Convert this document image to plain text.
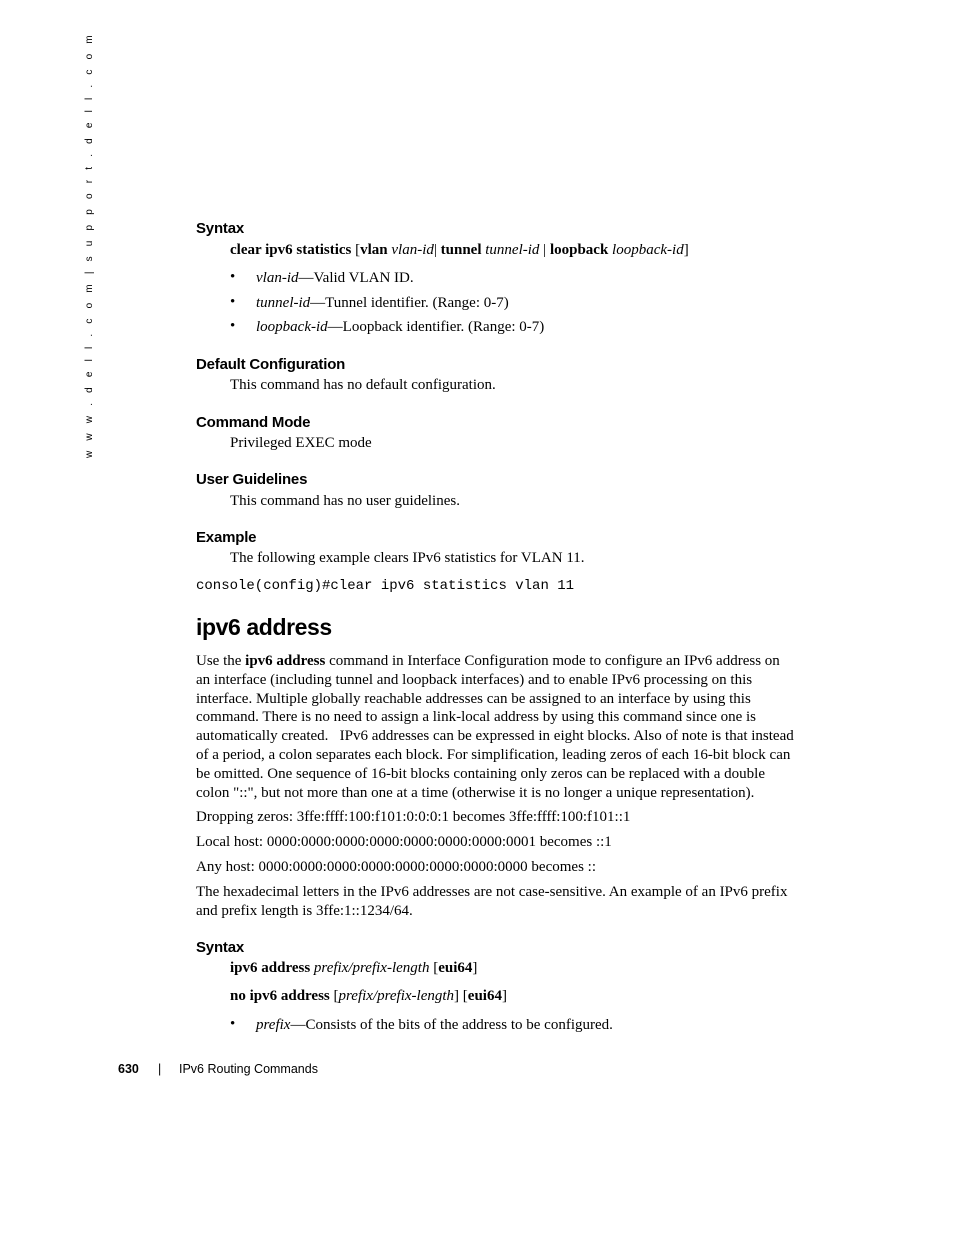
w w w . d e l l . c o m | s u p p o r t . d e l l . c o m	Syntax
clear ipv6 statistics [vlan vlan-id| tunnel tunnel-id | loopback loopback-id]
• vlan-id—Valid VLAN ID.
• tunnel-id—Tunnel identifier. (Range: 0-7)
• loopback-id—Loopback identifier. (Range: 0-7)
Default Configuration
This command has no default configuration.
Command Mode
Privileged EXEC mode
User Guidelines
This command has no user guidelines.
Example
The following example clears IPv6 statistics for VLAN 11.
console(config)#clear ipv6 statistics vlan 11
ipv6 address
Use the ipv6 address command in Interface Configuration mode to configure an IPv6 address on
an interface (including tunnel and loopback interfaces) and to enable IPv6 processing on this
interface. Multiple globally reachable addresses can be assigned to an interface by using this
command. There is no need to assign a link-local address by using this command since one is
automatically created.   IPv6 addresses can be expressed in eight blocks. Also of note is that instead
of a period, a colon separates each block. For simplification, leading zeros of each 16-bit block can
be omitted. One sequence of 16-bit blocks containing only zeros can be replaced with a double
colon "::", but not more than one at a time (otherwise it is no longer a unique representation).
Dropping zeros: 3ffe:ffff:100:f101:0:0:0:1 becomes 3ffe:ffff:100:f101::1
Local host: 0000:0000:0000:0000:0000:0000:0000:0001 becomes ::1
Any host: 0000:0000:0000:0000:0000:0000:0000:0000 becomes ::
The hexadecimal letters in the IPv6 addresses are not case-sensitive. An example of an IPv6 prefix
and prefix length is 3ffe:1::1234/64.
Syntax
ipv6 address prefix/prefix-length [eui64]
no ipv6 address [prefix/prefix-length] [eui64]
• prefix—Consists of the bits of the address to be configured.
630 | IPv6 Routing Commands
